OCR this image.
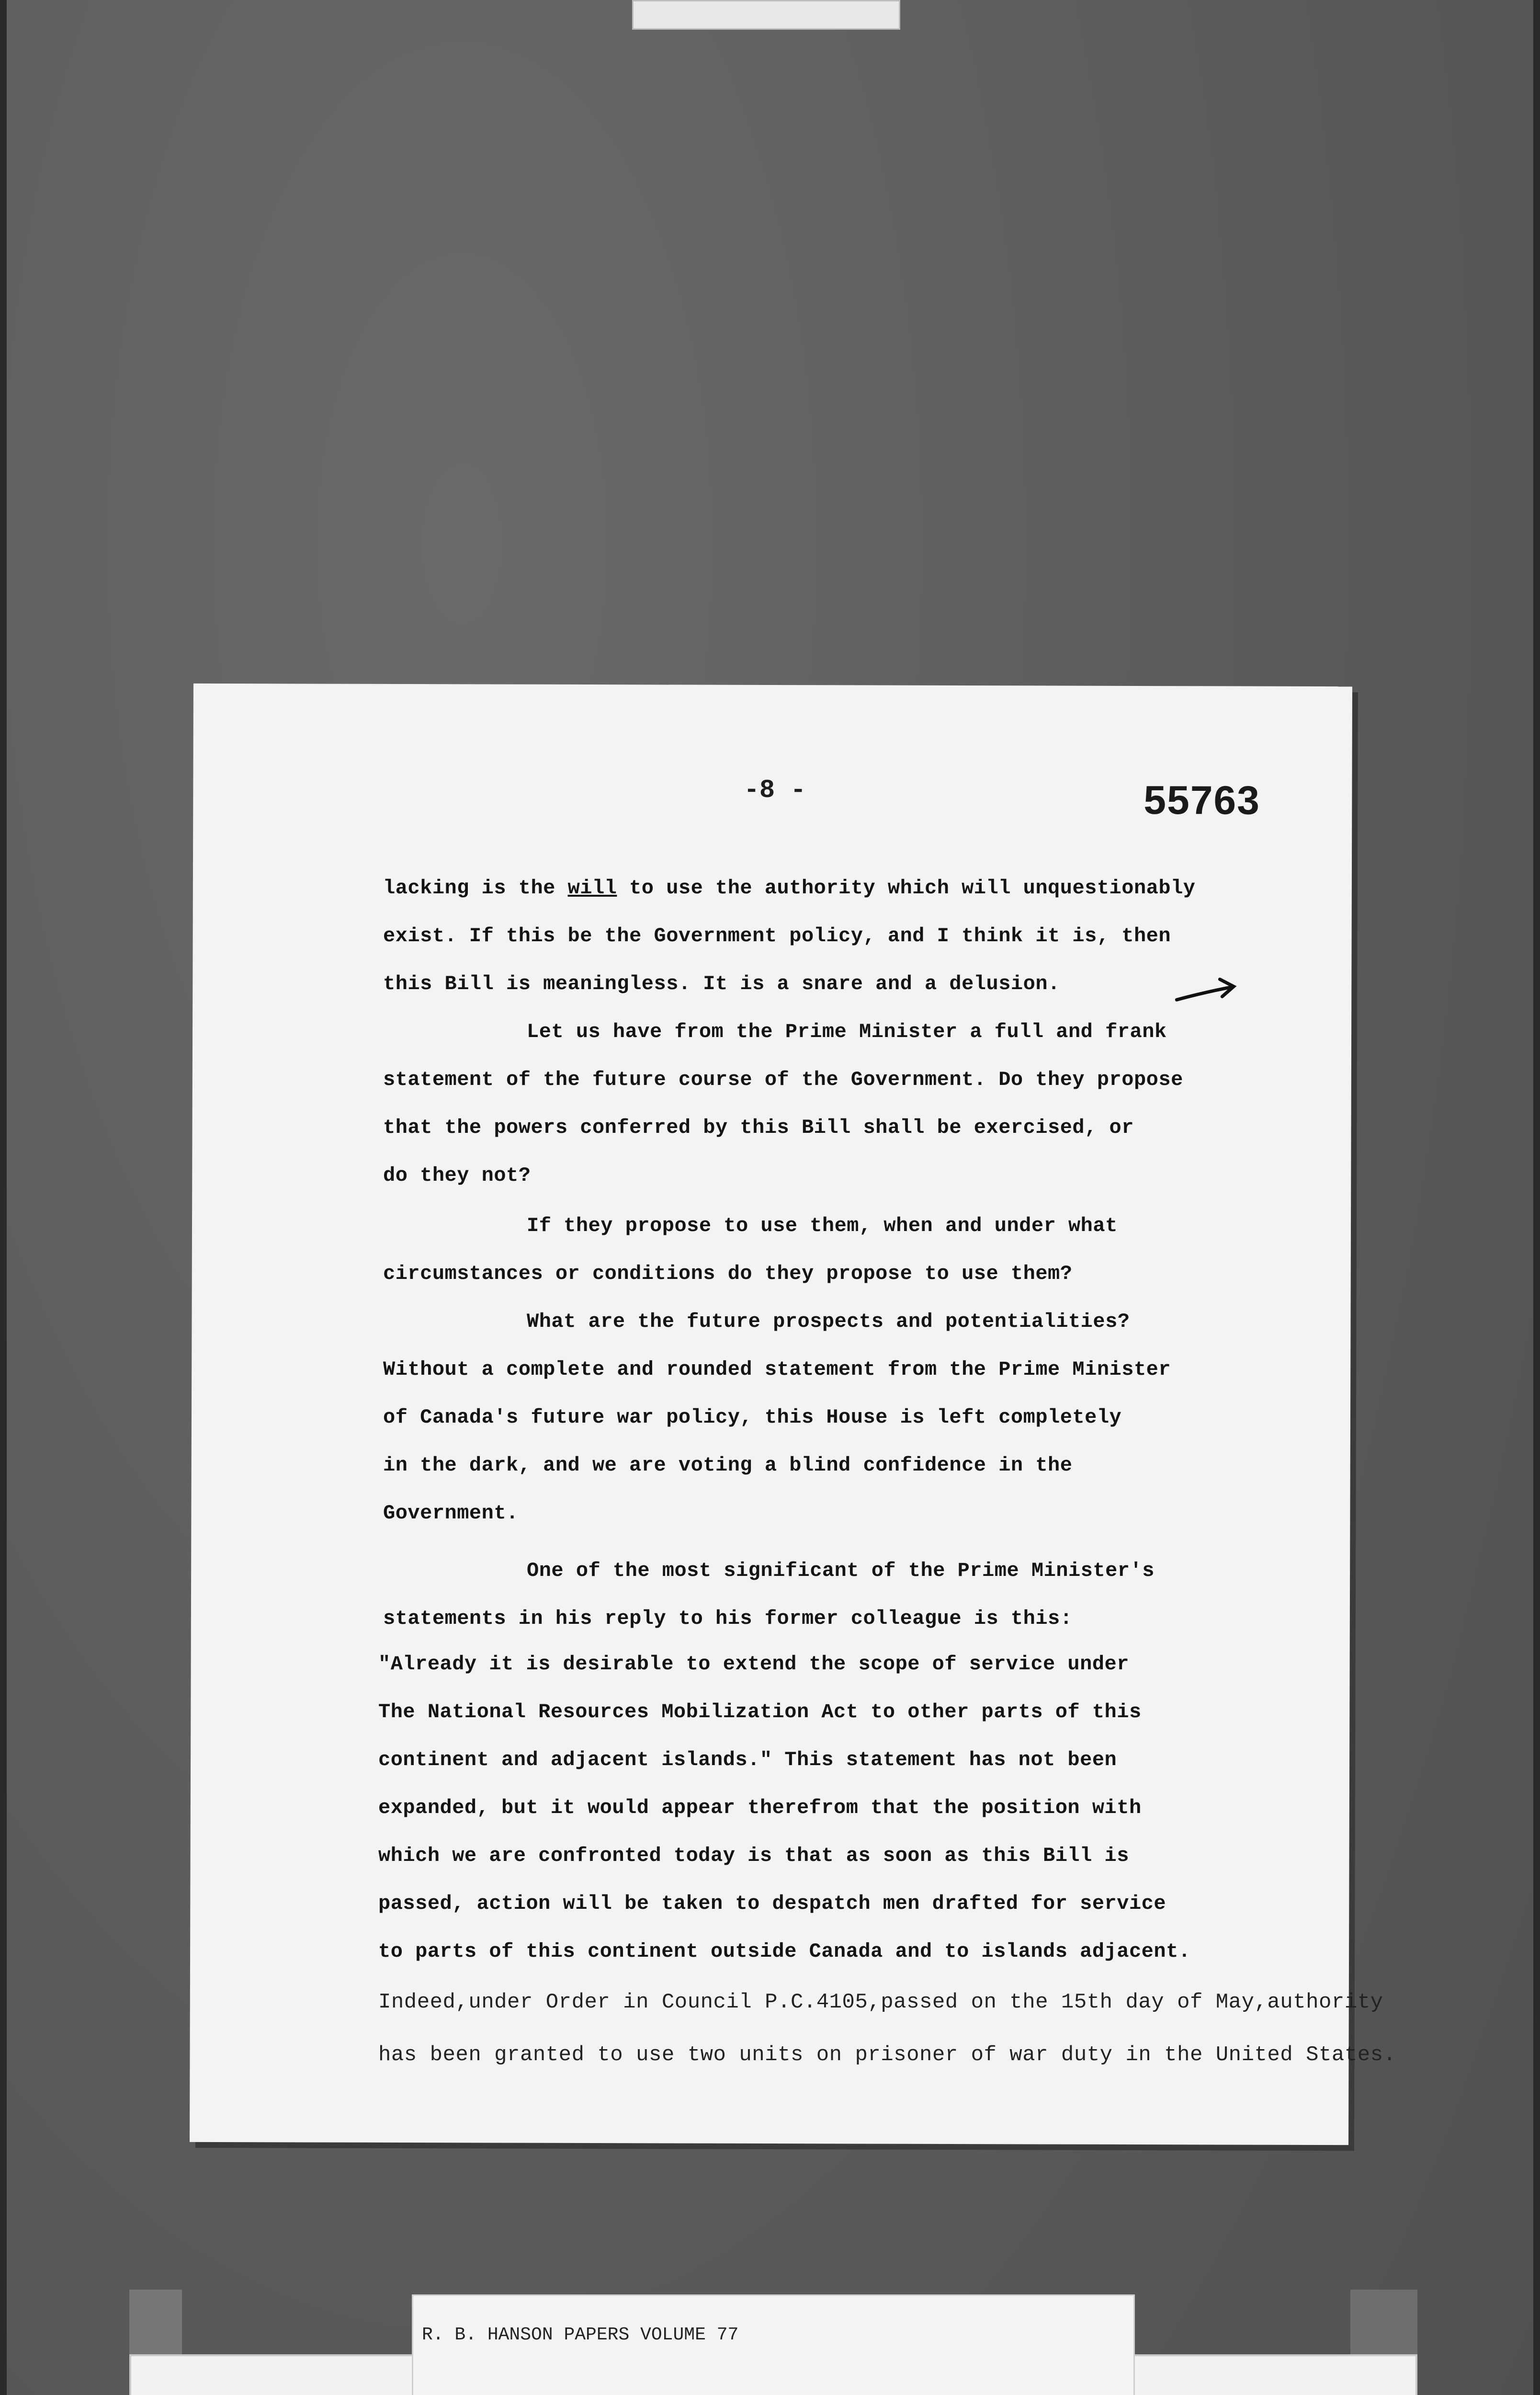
-8 -	55763
lacking is the will to use the authority which will unquestionably
exist. If this be the Government policy, and I think it is, then
this Bill is meaningless. It is a snare and a delusion.
Let us have from the Prime Minister a full and frank
statement of the future course of the Government. Do they propose
that the powers conferred by this Bill shall be exercised, or
do they not?
If they propose to use them, when and under what
circumstances or conditions do they propose to use them?
What are the future prospects and potentialities?
Without a complete and rounded statement from the Prime Minister
of Canada's future war policy, this House is left completely
in the dark, and we are voting a blind confidence in the
Government.
One of the most significant of the Prime Minister's
statements in his reply to his former colleague is this:
"Already it is desirable to extend the scope of service under
The National Resources Mobilization Act to other parts of this
continent and adjacent islands." This statement has not been
expanded, but it would appear therefrom that the position with
which we are confronted today is that as soon as this Bill is
passed, action will be taken to despatch men drafted for service
to parts of this continent outside Canada and to islands adjacent.
Indeed,under Order in Council P.C.4105,passed on the 15th day of May,authority
has been granted to use two units on prisoner of war duty in the United States.
R. B. HANSON PAPERS VOLUME 77
